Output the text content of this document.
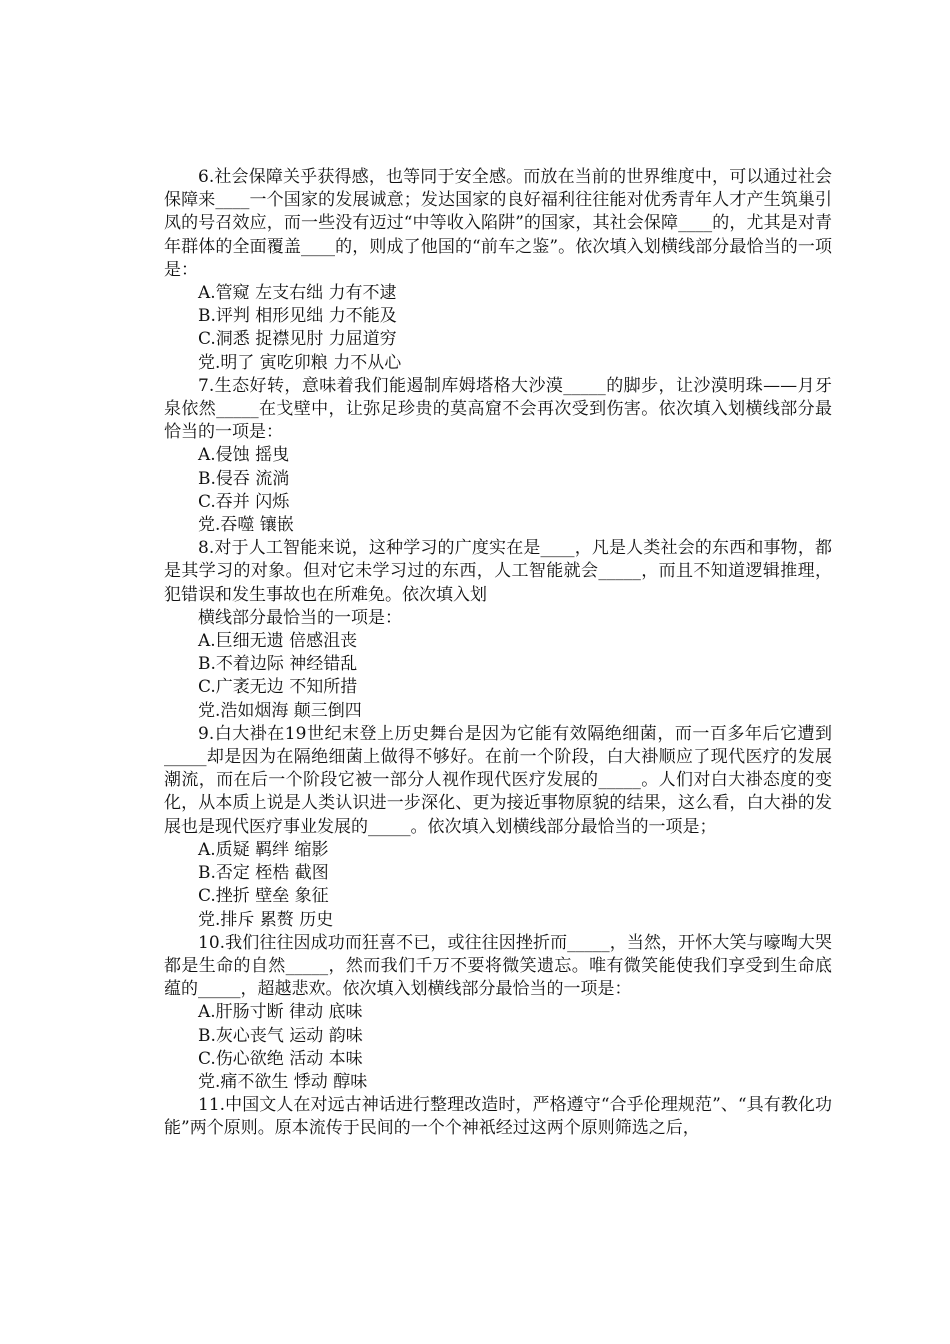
6.社会保障关乎获得感，也等同于安全感。而放在当前的世界维度中，可以通过社会保障来____一个国家的发展诚意；发达国家的良好福利往往能对优秀青年人才产生筑巢引凤的号召效应，而一些没有迈过“中等收入陷阱”的国家，其社会保障____的，尤其是对青年群体的全面覆盖____的，则成了他国的“前车之鉴”。依次填入划横线部分最恰当的一项是：

A.管窥 左支右绌 力有不逮
B.评判 相形见绌 力不能及
C.洞悉 捉襟见肘 力屈道穷
党.明了 寅吃卯粮 力不从心

7.生态好转，意味着我们能遏制库姆塔格大沙漠_____的脚步，让沙漠明珠——月牙泉依然_____在戈壁中，让弥足珍贵的莫高窟不会再次受到伤害。依次填入划横线部分最恰当的一项是：

A.侵蚀 摇曳
B.侵吞 流淌
C.吞并 闪烁
党.吞噬 镶嵌

8.对于人工智能来说，这种学习的广度实在是____，凡是人类社会的东西和事物，都是其学习的对象。但对它未学习过的东西，人工智能就会_____，而且不知道逻辑推理，犯错误和发生事故也在所难免。依次填入划

横线部分最恰当的一项是：

A.巨细无遗 倍感沮丧
B.不着边际 神经错乱
C.广袤无边 不知所措
党.浩如烟海 颠三倒四

9.白大褂在19世纪末登上历史舞台是因为它能有效隔绝细菌，而一百多年后它遭到_____却是因为在隔绝细菌上做得不够好。在前一个阶段，白大褂顺应了现代医疗的发展潮流，而在后一个阶段它被一部分人视作现代医疗发展的_____。人们对白大褂态度的变化，从本质上说是人类认识进一步深化、更为接近事物原貌的结果，这么看，白大褂的发展也是现代医疗事业发展的_____。依次填入划横线部分最恰当的一项是；

A.质疑 羁绊 缩影
B.否定 桎梏 截图
C.挫折 壁垒 象征
党.排斥 累赘 历史

10.我们往往因成功而狂喜不已，或往往因挫折而_____，当然，开怀大笑与嚎啕大哭都是生命的自然_____，然而我们千万不要将微笑遗忘。唯有微笑能使我们享受到生命底蕴的_____，超越悲欢。依次填入划横线部分最恰当的一项是：

A.肝肠寸断 律动 底味
B.灰心丧气 运动 韵味
C.伤心欲绝 活动 本味
党.痛不欲生 悸动 醇味

11.中国文人在对远古神话进行整理改造时，严格遵守“合乎伦理规范”、“具有教化功能”两个原则。原本流传于民间的一个个神祇经过这两个原则筛选之后，
